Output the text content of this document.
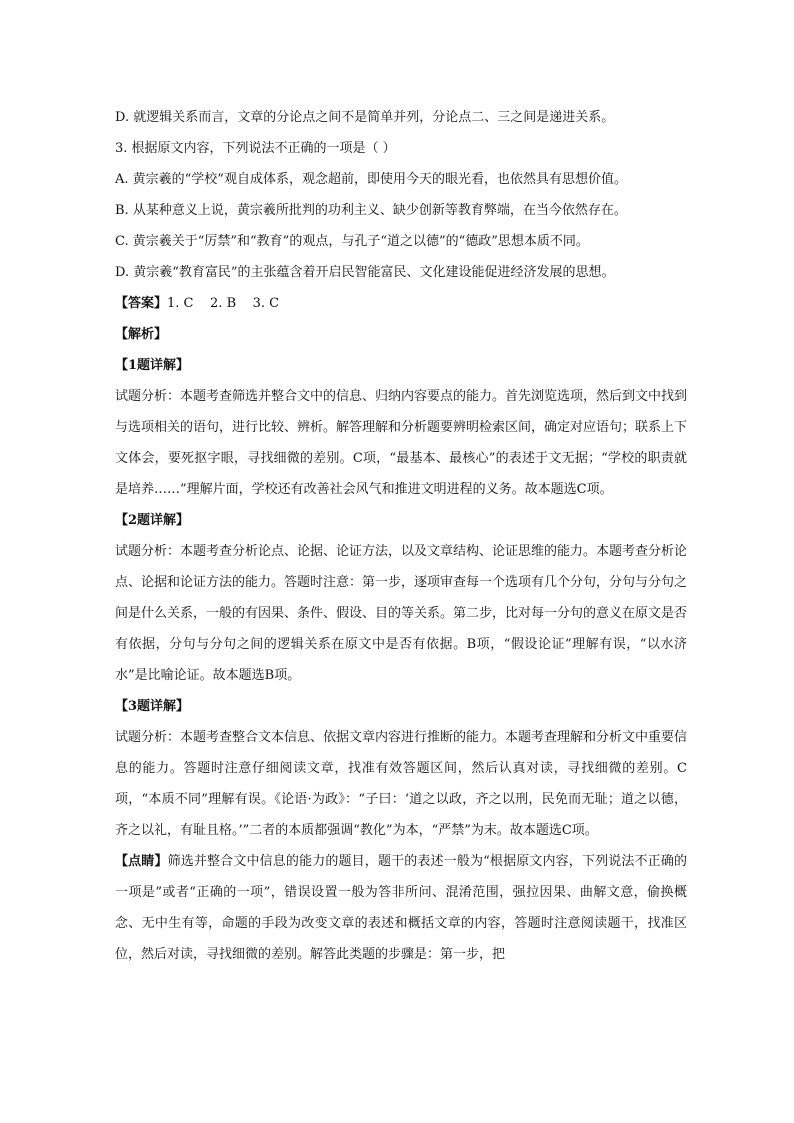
D. 就逻辑关系而言，文章的分论点之间不是简单并列，分论点二、三之间是递进关系。
3. 根据原文内容，下列说法不正确的一项是（ ）
A. 黄宗羲的“学校”观自成体系，观念超前，即使用今天的眼光看，也依然具有思想价值。
B. 从某种意义上说，黄宗羲所批判的功利主义、缺少创新等教育弊端，在当今依然存在。
C. 黄宗羲关于“厉禁”和“教育”的观点，与孔子“道之以德”的“德政”思想本质不同。
D. 黄宗羲“教育富民”的主张蕴含着开启民智能富民、文化建设能促进经济发展的思想。
【答案】1. C    2. B    3. C
【解析】
【1题详解】
试题分析：本题考查筛选并整合文中的信息、归纳内容要点的能力。首先浏览选项，然后到文中找到与选项相关的语句，进行比较、辨析。解答理解和分析题要辨明检索区间，确定对应语句；联系上下文体会，要死抠字眼，寻找细微的差别。C项，“最基本、最核心”的表述于文无据；“学校的职责就是培养……”理解片面，学校还有改善社会风气和推进文明进程的义务。故本题选C项。
【2题详解】
试题分析：本题考查分析论点、论据、论证方法，以及文章结构、论证思维的能力。本题考查分析论点、论据和论证方法的能力。答题时注意：第一步，逐项审查每一个选项有几个分句，分句与分句之间是什么关系，一般的有因果、条件、假设、目的等关系。第二步，比对每一分句的意义在原文是否有依据，分句与分句之间的逻辑关系在原文中是否有依据。B项，“假设论证”理解有误，“以水济水”是比喻论证。故本题选B项。
【3题详解】
试题分析：本题考查整合文本信息、依据文章内容进行推断的能力。本题考查理解和分析文中重要信息的能力。答题时注意仔细阅读文章，找准有效答题区间，然后认真对读，寻找细微的差别。C项，“本质不同”理解有误。《论语·为政》：“子曰：‘道之以政，齐之以刑，民免而无耻；道之以德，齐之以礼，有耻且格。’”二者的本质都强调“教化”为本，“严禁”为末。故本题选C项。
【点睛】筛选并整合文中信息的能力的题目，题干的表述一般为“根据原文内容，下列说法不正确的一项是”或者“正确的一项”，错误设置一般为答非所问、混淆范围，强拉因果、曲解文意，偷换概念、无中生有等，命题的手段为改变文章的表述和概括文章的内容，答题时注意阅读题干，找准区位，然后对读，寻找细微的差别。解答此类题的步骤是：第一步，把
